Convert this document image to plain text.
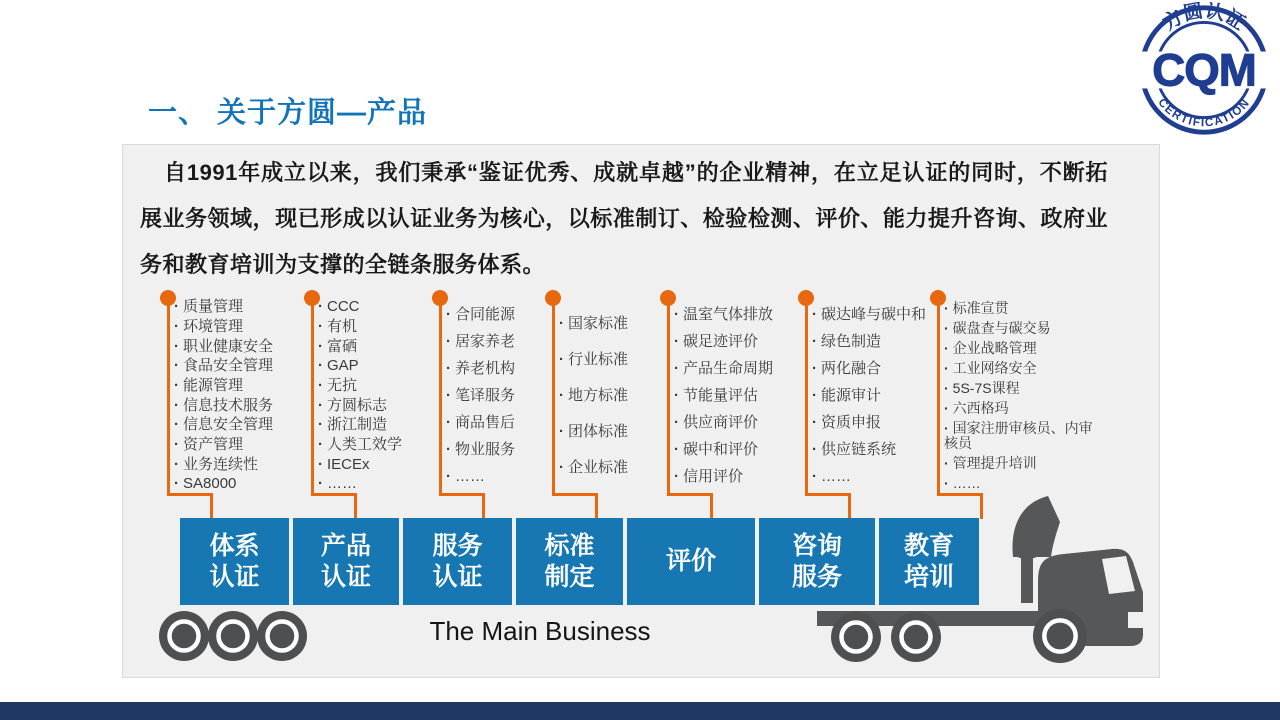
一、 关于方圆—产品
方圆认证
CERTIFICATION
CQM

自1991年成立以来，我们秉承“鉴证优秀、成就卓越”的企业精神，在立足认证的同时，不断拓展业务领域，现已形成以认证业务为核心，以标准制订、检验检测、评价、能力提升咨询、政府业务和教育培训为支撑的全链条服务体系。

· 质量管理
· 环境管理
· 职业健康安全
· 食品安全管理
· 能源管理
· 信息技术服务
· 信息安全管理
· 资产管理
· 业务连续性
· SA8000
体系认证
· CCC
· 有机
· 富硒
· GAP
· 无抗
· 方圆标志
· 浙江制造
· 人类工效学
· IECEx
· ……
产品认证
· 合同能源
· 居家养老
· 养老机构
· 笔译服务
· 商品售后
· 物业服务
· ……
服务认证
· 国家标准
· 行业标准
· 地方标准
· 团体标准
· 企业标准
标准制定
· 温室气体排放
· 碳足迹评价
· 产品生命周期
· 节能量评估
· 供应商评价
· 碳中和评价
· 信用评价
评价
· 碳达峰与碳中和
· 绿色制造
· 两化融合
· 能源审计
· 资质申报
· 供应链系统
· ……
咨询服务
· 标准宣贯
· 碳盘查与碳交易
· 企业战略管理
· 工业网络安全
· 5S-7S课程
· 六西格玛
· 国家注册审核员、内审核员
· 管理提升培训
· ……
教育培训
The Main Business
